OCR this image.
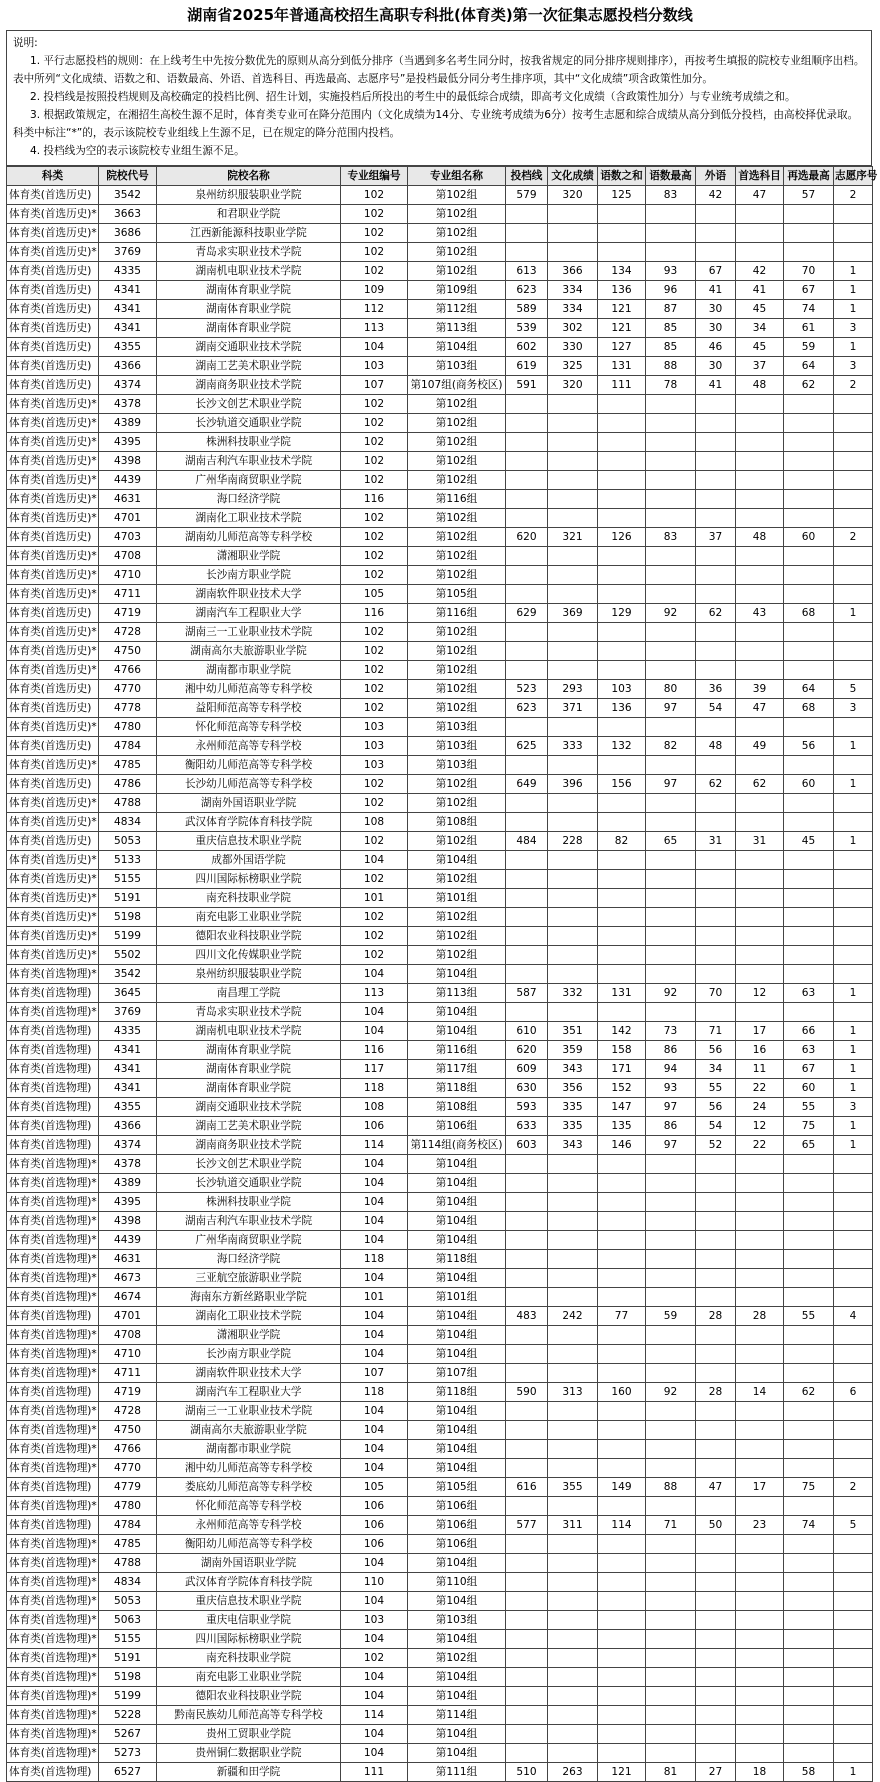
湖南省2025年普通高校招生高职专科批(体育类)第一次征集志愿投档分数线

说明:

1. 平行志愿投档的规则：在上线考生中先按分数优先的原则从高分到低分排序（当遇到多名考生同分时，按我省规定的同分排序规则排序），再按考生填报的院校专业组顺序出档。表中所列“文化成绩、语数之和、语数最高、外语、首选科目、再选最高、志愿序号”是投档最低分同分考生排序项，其中“文化成绩”项含政策性加分。

2. 投档线是按照投档规则及高校确定的投档比例、招生计划，实施投档后所投出的考生中的最低综合成绩，即高考文化成绩（含政策性加分）与专业统考成绩之和。

3. 根据政策规定，在湘招生高校生源不足时，体育类专业可在降分范围内（文化成绩为14分、专业统考成绩为6分）按考生志愿和综合成绩从高分到低分投档，由高校择优录取。科类中标注“*”的，表示该院校专业组线上生源不足，已在规定的降分范围内投档。

4. 投档线为空的表示该院校专业组生源不足。

科类	院校代号	院校名称	专业组编号	专业组名称	投档线	文化成绩	语数之和	语数最高	外语	首选科目	再选最高	志愿序号
体育类(首选历史)	3542	泉州纺织服装职业学院	102	第102组	579	320	125	83	42	47	57	2
体育类(首选历史)*	3663	和君职业学院	102	第102组								
体育类(首选历史)*	3686	江西新能源科技职业学院	102	第102组								
体育类(首选历史)*	3769	青岛求实职业技术学院	102	第102组								
体育类(首选历史)	4335	湖南机电职业技术学院	102	第102组	613	366	134	93	67	42	70	1
体育类(首选历史)	4341	湖南体育职业学院	109	第109组	623	334	136	96	41	41	67	1
体育类(首选历史)	4341	湖南体育职业学院	112	第112组	589	334	121	87	30	45	74	1
体育类(首选历史)	4341	湖南体育职业学院	113	第113组	539	302	121	85	30	34	61	3
体育类(首选历史)	4355	湖南交通职业技术学院	104	第104组	602	330	127	85	46	45	59	1
体育类(首选历史)	4366	湖南工艺美术职业学院	103	第103组	619	325	131	88	30	37	64	3
体育类(首选历史)	4374	湖南商务职业技术学院	107	第107组(商务校区)	591	320	111	78	41	48	62	2
体育类(首选历史)*	4378	长沙文创艺术职业学院	102	第102组								
体育类(首选历史)*	4389	长沙轨道交通职业学院	102	第102组								
体育类(首选历史)*	4395	株洲科技职业学院	102	第102组								
体育类(首选历史)*	4398	湖南吉利汽车职业技术学院	102	第102组								
体育类(首选历史)*	4439	广州华南商贸职业学院	102	第102组								
体育类(首选历史)*	4631	海口经济学院	116	第116组								
体育类(首选历史)*	4701	湖南化工职业技术学院	102	第102组								
体育类(首选历史)	4703	湖南幼儿师范高等专科学校	102	第102组	620	321	126	83	37	48	60	2
体育类(首选历史)*	4708	潇湘职业学院	102	第102组								
体育类(首选历史)*	4710	长沙南方职业学院	102	第102组								
体育类(首选历史)*	4711	湖南软件职业技术大学	105	第105组								
体育类(首选历史)	4719	湖南汽车工程职业大学	116	第116组	629	369	129	92	62	43	68	1
体育类(首选历史)*	4728	湖南三一工业职业技术学院	102	第102组								
体育类(首选历史)*	4750	湖南高尔夫旅游职业学院	102	第102组								
体育类(首选历史)*	4766	湖南都市职业学院	102	第102组								
体育类(首选历史)	4770	湘中幼儿师范高等专科学校	102	第102组	523	293	103	80	36	39	64	5
体育类(首选历史)	4778	益阳师范高等专科学校	102	第102组	623	371	136	97	54	47	68	3
体育类(首选历史)*	4780	怀化师范高等专科学校	103	第103组								
体育类(首选历史)	4784	永州师范高等专科学校	103	第103组	625	333	132	82	48	49	56	1
体育类(首选历史)*	4785	衡阳幼儿师范高等专科学校	103	第103组								
体育类(首选历史)	4786	长沙幼儿师范高等专科学校	102	第102组	649	396	156	97	62	62	60	1
体育类(首选历史)*	4788	湖南外国语职业学院	102	第102组								
体育类(首选历史)*	4834	武汉体育学院体育科技学院	108	第108组								
体育类(首选历史)	5053	重庆信息技术职业学院	102	第102组	484	228	82	65	31	31	45	1
体育类(首选历史)*	5133	成都外国语学院	104	第104组								
体育类(首选历史)*	5155	四川国际标榜职业学院	102	第102组								
体育类(首选历史)*	5191	南充科技职业学院	101	第101组								
体育类(首选历史)*	5198	南充电影工业职业学院	102	第102组								
体育类(首选历史)*	5199	德阳农业科技职业学院	102	第102组								
体育类(首选历史)*	5502	四川文化传媒职业学院	102	第102组								
体育类(首选物理)*	3542	泉州纺织服装职业学院	104	第104组								
体育类(首选物理)	3645	南昌理工学院	113	第113组	587	332	131	92	70	12	63	1
体育类(首选物理)*	3769	青岛求实职业技术学院	104	第104组								
体育类(首选物理)	4335	湖南机电职业技术学院	104	第104组	610	351	142	73	71	17	66	1
体育类(首选物理)	4341	湖南体育职业学院	116	第116组	620	359	158	86	56	16	63	1
体育类(首选物理)	4341	湖南体育职业学院	117	第117组	609	343	171	94	34	11	67	1
体育类(首选物理)	4341	湖南体育职业学院	118	第118组	630	356	152	93	55	22	60	1
体育类(首选物理)	4355	湖南交通职业技术学院	108	第108组	593	335	147	97	56	24	55	3
体育类(首选物理)	4366	湖南工艺美术职业学院	106	第106组	633	335	135	86	54	12	75	1
体育类(首选物理)	4374	湖南商务职业技术学院	114	第114组(商务校区)	603	343	146	97	52	22	65	1
体育类(首选物理)*	4378	长沙文创艺术职业学院	104	第104组								
体育类(首选物理)*	4389	长沙轨道交通职业学院	104	第104组								
体育类(首选物理)*	4395	株洲科技职业学院	104	第104组								
体育类(首选物理)*	4398	湖南吉利汽车职业技术学院	104	第104组								
体育类(首选物理)*	4439	广州华南商贸职业学院	104	第104组								
体育类(首选物理)*	4631	海口经济学院	118	第118组								
体育类(首选物理)*	4673	三亚航空旅游职业学院	104	第104组								
体育类(首选物理)*	4674	海南东方新丝路职业学院	101	第101组								
体育类(首选物理)	4701	湖南化工职业技术学院	104	第104组	483	242	77	59	28	28	55	4
体育类(首选物理)*	4708	潇湘职业学院	104	第104组								
体育类(首选物理)*	4710	长沙南方职业学院	104	第104组								
体育类(首选物理)*	4711	湖南软件职业技术大学	107	第107组								
体育类(首选物理)	4719	湖南汽车工程职业大学	118	第118组	590	313	160	92	28	14	62	6
体育类(首选物理)*	4728	湖南三一工业职业技术学院	104	第104组								
体育类(首选物理)*	4750	湖南高尔夫旅游职业学院	104	第104组								
体育类(首选物理)*	4766	湖南都市职业学院	104	第104组								
体育类(首选物理)*	4770	湘中幼儿师范高等专科学校	104	第104组								
体育类(首选物理)	4779	娄底幼儿师范高等专科学校	105	第105组	616	355	149	88	47	17	75	2
体育类(首选物理)*	4780	怀化师范高等专科学校	106	第106组								
体育类(首选物理)	4784	永州师范高等专科学校	106	第106组	577	311	114	71	50	23	74	5
体育类(首选物理)*	4785	衡阳幼儿师范高等专科学校	106	第106组								
体育类(首选物理)*	4788	湖南外国语职业学院	104	第104组								
体育类(首选物理)*	4834	武汉体育学院体育科技学院	110	第110组								
体育类(首选物理)*	5053	重庆信息技术职业学院	104	第104组								
体育类(首选物理)*	5063	重庆电信职业学院	103	第103组								
体育类(首选物理)*	5155	四川国际标榜职业学院	104	第104组								
体育类(首选物理)*	5191	南充科技职业学院	102	第102组								
体育类(首选物理)*	5198	南充电影工业职业学院	104	第104组								
体育类(首选物理)*	5199	德阳农业科技职业学院	104	第104组								
体育类(首选物理)*	5228	黔南民族幼儿师范高等专科学校	114	第114组								
体育类(首选物理)*	5267	贵州工贸职业学院	104	第104组								
体育类(首选物理)*	5273	贵州铜仁数据职业学院	104	第104组								
体育类(首选物理)	6527	新疆和田学院	111	第111组	510	263	121	81	27	18	58	1
